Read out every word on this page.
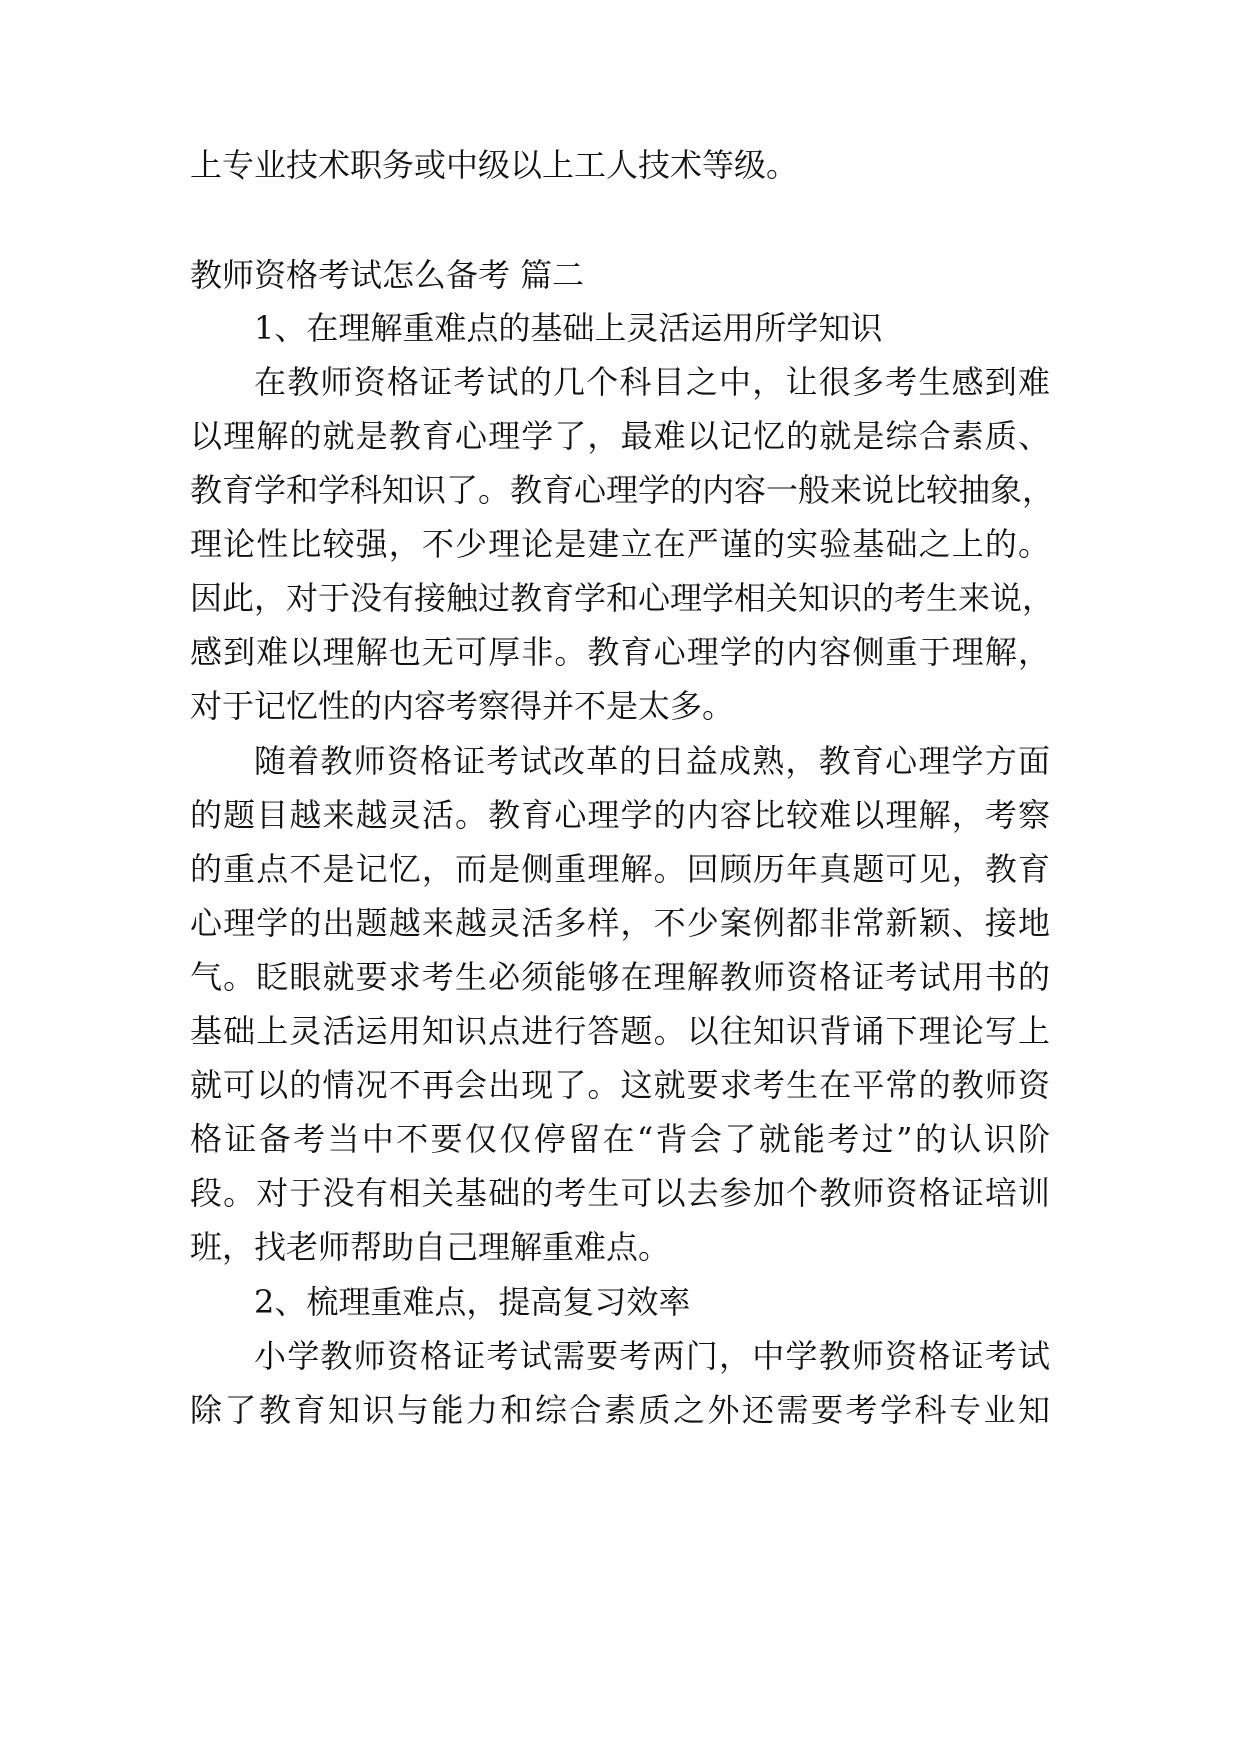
上专业技术职务或中级以上工人技术等级。
教师资格考试怎么备考 篇二
1、在理解重难点的基础上灵活运用所学知识
在教师资格证考试的几个科目之中，让很多考生感到难
以理解的就是教育心理学了，最难以记忆的就是综合素质、
教育学和学科知识了。教育心理学的内容一般来说比较抽象，
理论性比较强，不少理论是建立在严谨的实验基础之上的。
因此，对于没有接触过教育学和心理学相关知识的考生来说，
感到难以理解也无可厚非。教育心理学的内容侧重于理解，
对于记忆性的内容考察得并不是太多。
随着教师资格证考试改革的日益成熟，教育心理学方面
的题目越来越灵活。教育心理学的内容比较难以理解，考察
的重点不是记忆，而是侧重理解。回顾历年真题可见，教育
心理学的出题越来越灵活多样，不少案例都非常新颖、接地
气。眨眼就要求考生必须能够在理解教师资格证考试用书的
基础上灵活运用知识点进行答题。以往知识背诵下理论写上
就可以的情况不再会出现了。这就要求考生在平常的教师资
格证备考当中不要仅仅停留在“背会了就能考过”的认识阶
段。对于没有相关基础的考生可以去参加个教师资格证培训
班，找老师帮助自己理解重难点。
2、梳理重难点，提高复习效率
小学教师资格证考试需要考两门，中学教师资格证考试
除了教育知识与能力和综合素质之外还需要考学科专业知
